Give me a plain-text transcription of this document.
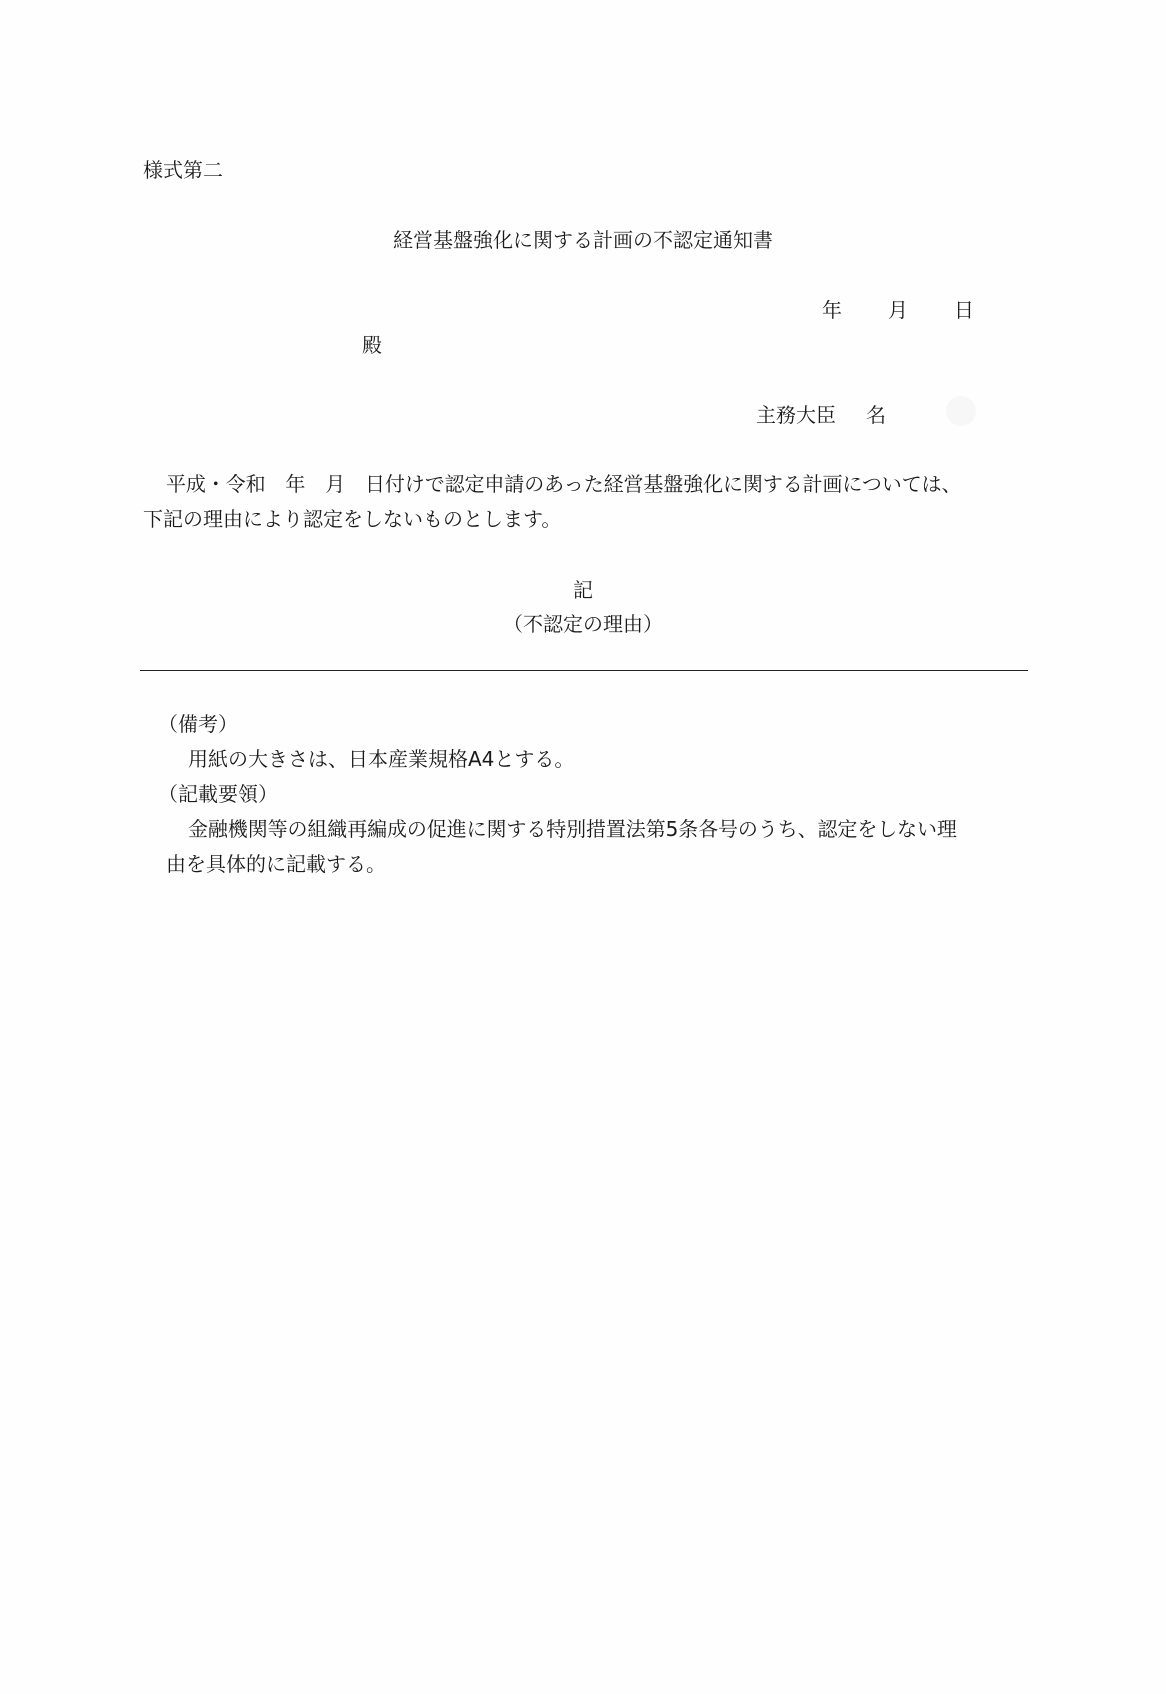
様式第二

経営基盤強化に関する計画の不認定通知書

年 月 日

殿

主務大臣 名

平成・令和　年　月　日付けで認定申請のあった経営基盤強化に関する計画については、

下記の理由により認定をしないものとします。

記

（不認定の理由）

（備考）

用紙の大きさは、日本産業規格A4とする。

（記載要領）

金融機関等の組織再編成の促進に関する特別措置法第5条各号のうち、認定をしない理

由を具体的に記載する。
